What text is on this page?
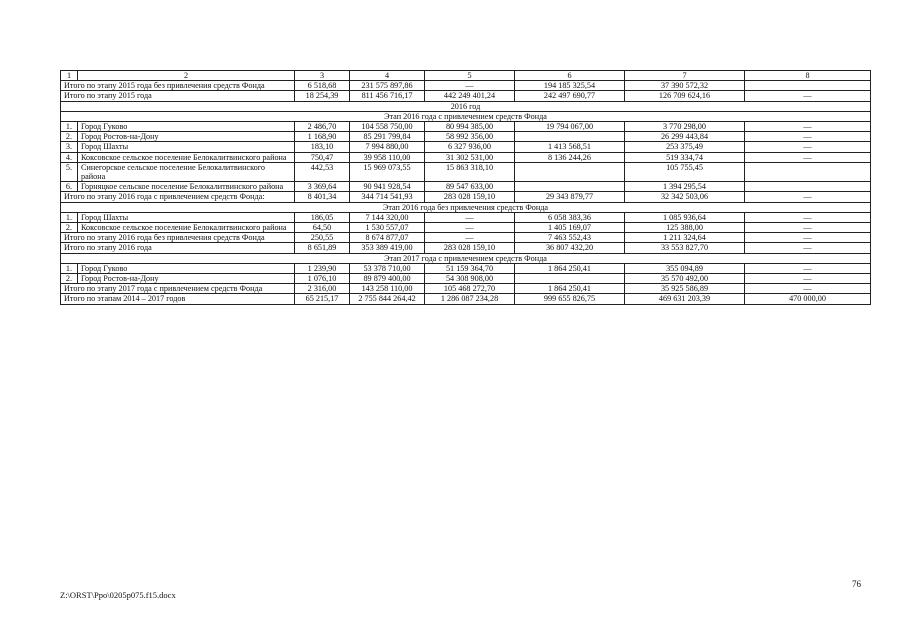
1	2	3	4	5	6	7	8
Итого по этапу 2015 года без привлечения средств Фонда		6 518,68	231 575 897,86	—	194 185 325,54	37 390 572,32	
Итого по этапу 2015 года		18 254,39	811 456 716,17	442 249 401,24	242 497 690,77	126 709 624,16	—
2016 год							
Этап 2016 года с привлечением средств Фонда							
1.	Город Гуково	2 486,70	104 558 750,00	80 994 385,00	19 794 067,00	3 770 298,00	—
2.	Город Ростов-на-Дону	1 168,90	85 291 799,84	58 992 356,00		26 299 443,84	—
3.	Город Шахты	183,10	7 994 880,00	6 327 936,00	1 413 568,51	253 375,49	—
4.	Коксовское сельское поселение Белокалитвинского района	750,47	39 958 110,00	31 302 531,00	8 136 244,26	519 334,74	—
5.	Синегорское сельское поселение Белокалитвинского района	442,53	15 969 073,55	15 863 318,10		105 755,45	
6.	Горняцкое сельское поселение Белокалитвинского района	3 369,64	90 941 928,54	89 547 633,00		1 394 295,54	
Итого по этапу 2016 года с привлечением средств Фонда:		8 401,34	344 714 541,93	283 028 159,10	29 343 879,77	32 342 503,06	—
Этап 2016 года без привлечения средств Фонда							
1.	Город Шахты	186,05	7 144 320,00	—	6 058 383,36	1 085 936,64	—
2.	Коксовское сельское поселение Белокалитвинского района	64,50	1 530 557,07	—	1 405 169,07	125 388,00	—
Итого по этапу 2016 года без привлечения средств Фонда		250,55	8 674 877,07	—	7 463 552,43	1 211 324,64	—
Итого по этапу 2016 года		8 651,89	353 389 419,00	283 028 159,10	36 807 432,20	33 553 827,70	—
Этап 2017 года с привлечением средств Фонда							
1.	Город Гуково	1 239,90	53 378 710,00	51 159 364,70	1 864 250,41	355 094,89	—
2.	Город Ростов-на-Дону	1 076,10	89 879 400,00	54 308 908,00		35 570 492,00	—
Итого по этапу 2017 года с привлечением средств Фонда		2 316,00	143 258 110,00	105 468 272,70	1 864 250,41	35 925 586,89	—
Итого по этапам 2014 – 2017 годов		65 215,17	2 755 844 264,42	1 286 087 234,28	999 655 826,75	469 631 203,39	470 000,00
76
Z:\ORST\Ppo\0205p075.f15.docx
